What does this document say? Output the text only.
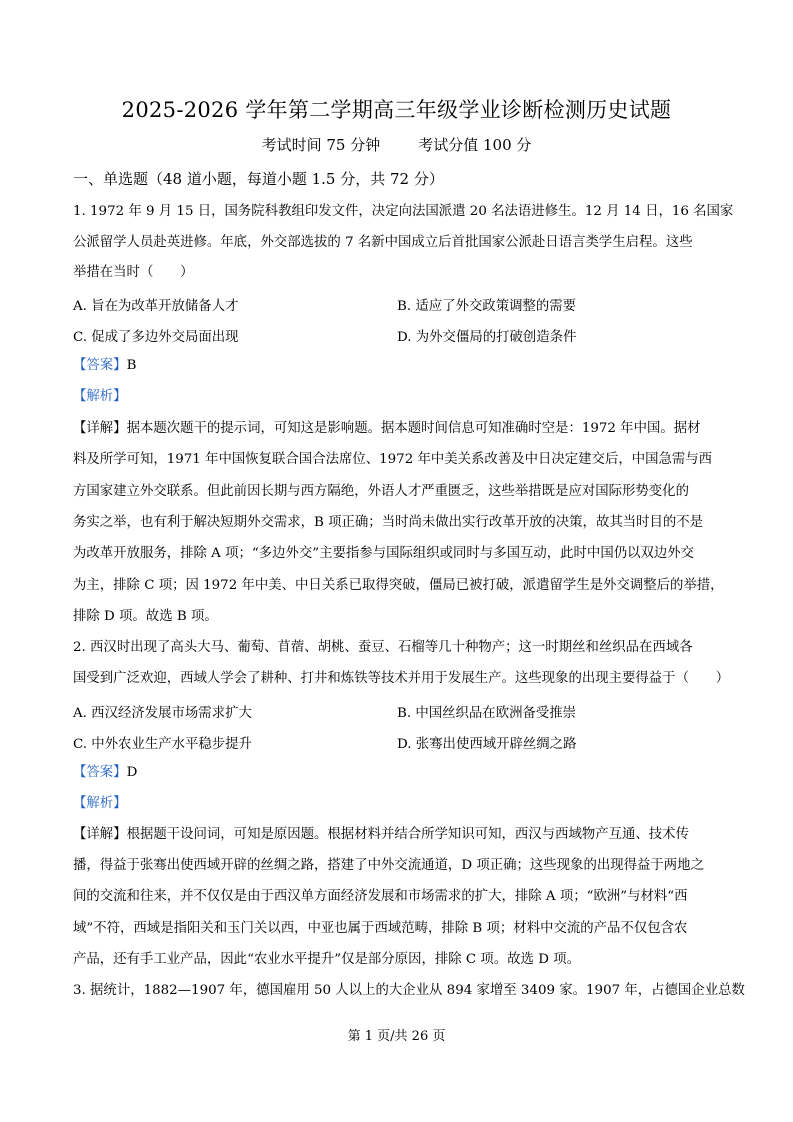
2025-2026 学年第二学期高三年级学业诊断检测历史试题
考试时间 75 分钟	考试分值 100 分
一、单选题（48 道小题，每道小题 1.5 分，共 72 分）
1. 1972 年 9 月 15 日，国务院科教组印发文件，决定向法国派遣 20 名法语进修生。12 月 14 日，16 名国家
公派留学人员赴英进修。年底，外交部选拔的 7 名新中国成立后首批国家公派赴日语言类学生启程。这些
举措在当时（　　）
A. 旨在为改革开放储备人才	B. 适应了外交政策调整的需要
C. 促成了多边外交局面出现	D. 为外交僵局的打破创造条件
【答案】B
【解析】
【详解】据本题次题干的提示词，可知这是影响题。据本题时间信息可知准确时空是：1972 年中国。据材
料及所学可知，1971 年中国恢复联合国合法席位、1972 年中美关系改善及中日决定建交后，中国急需与西
方国家建立外交联系。但此前因长期与西方隔绝，外语人才严重匮乏，这些举措既是应对国际形势变化的
务实之举，也有利于解决短期外交需求，B 项正确；当时尚未做出实行改革开放的决策，故其当时目的不是
为改革开放服务，排除 A 项；“多边外交”主要指参与国际组织或同时与多国互动，此时中国仍以双边外交
为主，排除 C 项；因 1972 年中美、中日关系已取得突破，僵局已被打破，派遣留学生是外交调整后的举措，
排除 D 项。故选 B 项。
2. 西汉时出现了高头大马、葡萄、苜蓿、胡桃、蚕豆、石榴等几十种物产；这一时期丝和丝织品在西域各
国受到广泛欢迎，西域人学会了耕种、打井和炼铁等技术并用于发展生产。这些现象的出现主要得益于（　　）
A. 西汉经济发展市场需求扩大	B. 中国丝织品在欧洲备受推崇
C. 中外农业生产水平稳步提升	D. 张骞出使西域开辟丝绸之路
【答案】D
【解析】
【详解】根据题干设问词，可知是原因题。根据材料并结合所学知识可知，西汉与西域物产互通、技术传
播，得益于张骞出使西域开辟的丝绸之路，搭建了中外交流通道，D 项正确；这些现象的出现得益于两地之
间的交流和往来，并不仅仅是由于西汉单方面经济发展和市场需求的扩大，排除 A 项；“欧洲”与材料“西
域”不符，西域是指阳关和玉门关以西，中亚也属于西域范畴，排除 B 项；材料中交流的产品不仅包含农
产品，还有手工业产品，因此“农业水平提升”仅是部分原因，排除 C 项。故选 D 项。
3. 据统计，1882—1907 年，德国雇用 50 人以上的大企业从 894 家增至 3409 家。1907 年，占德国企业总数
第 1 页/共 26 页
